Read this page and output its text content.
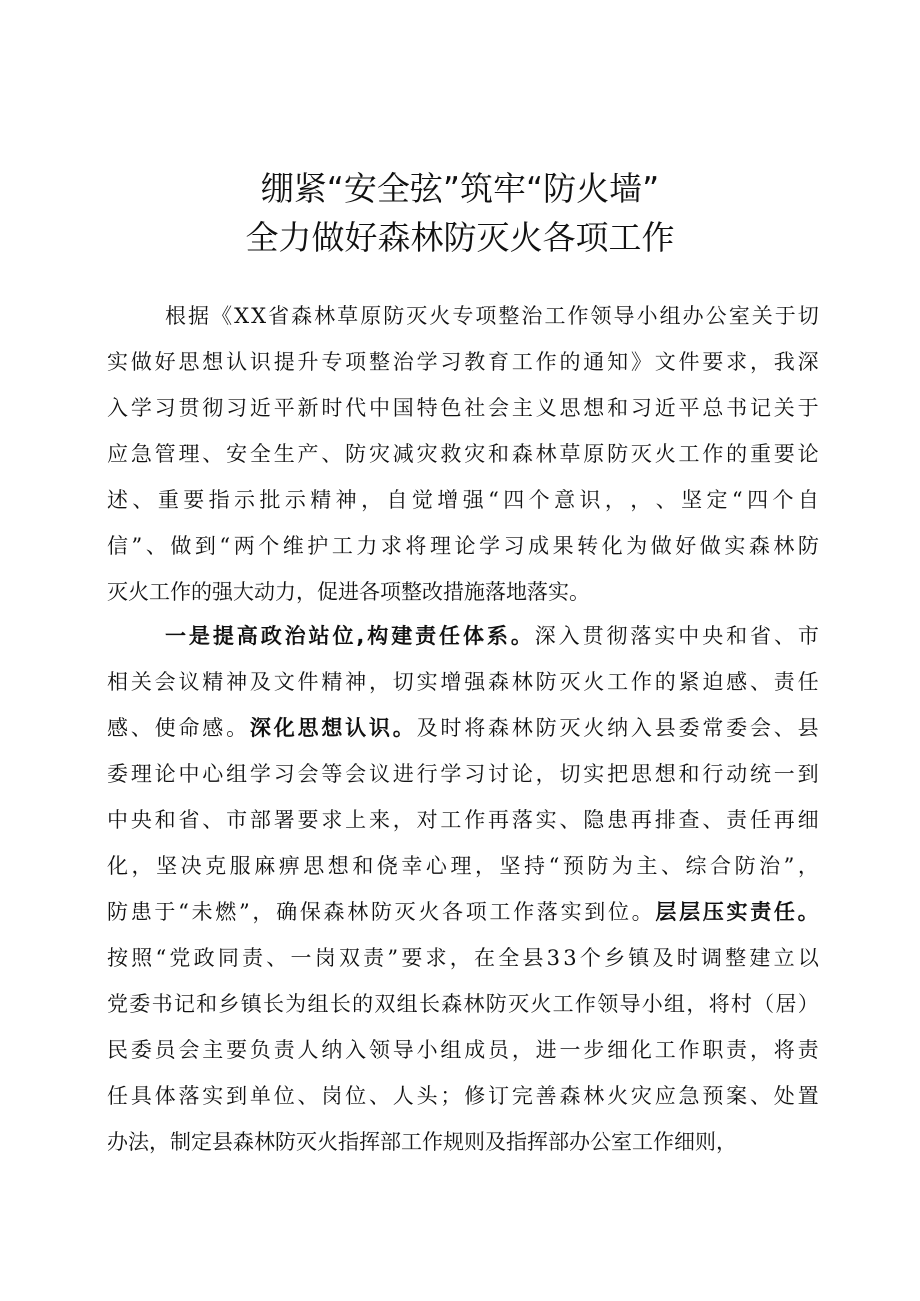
绷紧“安全弦”筑牢“防火墙”
全力做好森林防灭火各项工作
根 据 《 X X 省 森 林 草 原 防 灭 火 专 项 整 治 工 作 领 导 小 组 办 公 室 关 于 切
实 做 好 思 想 认 识 提 升 专 项 整 治 学 习 教 育 工 作 的 通 知 》 文 件 要 求 ， 我 深
入 学 习 贯 彻 习 近 平 新 时 代 中 国 特 色 社 会 主 义 思 想 和 习 近 平 总 书 记 关 于
应 急 管 理 、 安 全 生 产 、 防 灾 减 灾 救 灾 和 森 林 草 原 防 灭 火 工 作 的 重 要 论
述 、 重 要 指 示 批 示 精 神 ， 自 觉 增 强 “ 四 个 意 识 ， ， 、 坚 定 “ 四 个 自
信 ” 、 做 到 “ 两 个 维 护 工 力 求 将 理 论 学 习 成 果 转 化 为 做 好 做 实 森 林 防
灭 火 工 作 的 强 大 动 力 ， 促 进 各 项 整 改 措 施 落 地 落 实 。
一 是 提 高 政 治 站 位 , 构 建 责 任 体 系 。 深 入 贯 彻 落 实 中 央 和 省 、 市
相 关 会 议 精 神 及 文 件 精 神 ， 切 实 增 强 森 林 防 灭 火 工 作 的 紧 迫 感 、 责 任
感 、 使 命 感 。 深 化 思 想 认 识 。 及 时 将 森 林 防 灭 火 纳 入 县 委 常 委 会 、 县
委 理 论 中 心 组 学 习 会 等 会 议 进 行 学 习 讨 论 ， 切 实 把 思 想 和 行 动 统 一 到
中 央 和 省 、 市 部 署 要 求 上 来 ， 对 工 作 再 落 实 、 隐 患 再 排 查 、 责 任 再 细
化 ， 坚 决 克 服 麻 痹 思 想 和 侥 幸 心 理 ， 坚 持 “ 预 防 为 主 、 综 合 防 治 ” ，
防 患 于 “ 未 燃 ” ， 确 保 森 林 防 灭 火 各 项 工 作 落 实 到 位 。 层 层 压 实 责 任 。
按 照 “ 党 政 同 责 、 一 岗 双 责 ” 要 求 ， 在 全 县 3 3 个 乡 镇 及 时 调 整 建 立 以
党 委 书 记 和 乡 镇 长 为 组 长 的 双 组 长 森 林 防 灭 火 工 作 领 导 小 组 ， 将 村 （ 居 ）
民 委 员 会 主 要 负 责 人 纳 入 领 导 小 组 成 员 ， 进 一 步 细 化 工 作 职 责 ， 将 责
任 具 体 落 实 到 单 位 、 岗 位 、 人 头 ； 修 订 完 善 森 林 火 灾 应 急 预 案 、 处 置
办 法 ， 制 定 县 森 林 防 灭 火 指 挥 部 工 作 规 则 及 指 挥 部 办 公 室 工 作 细 则 ，
